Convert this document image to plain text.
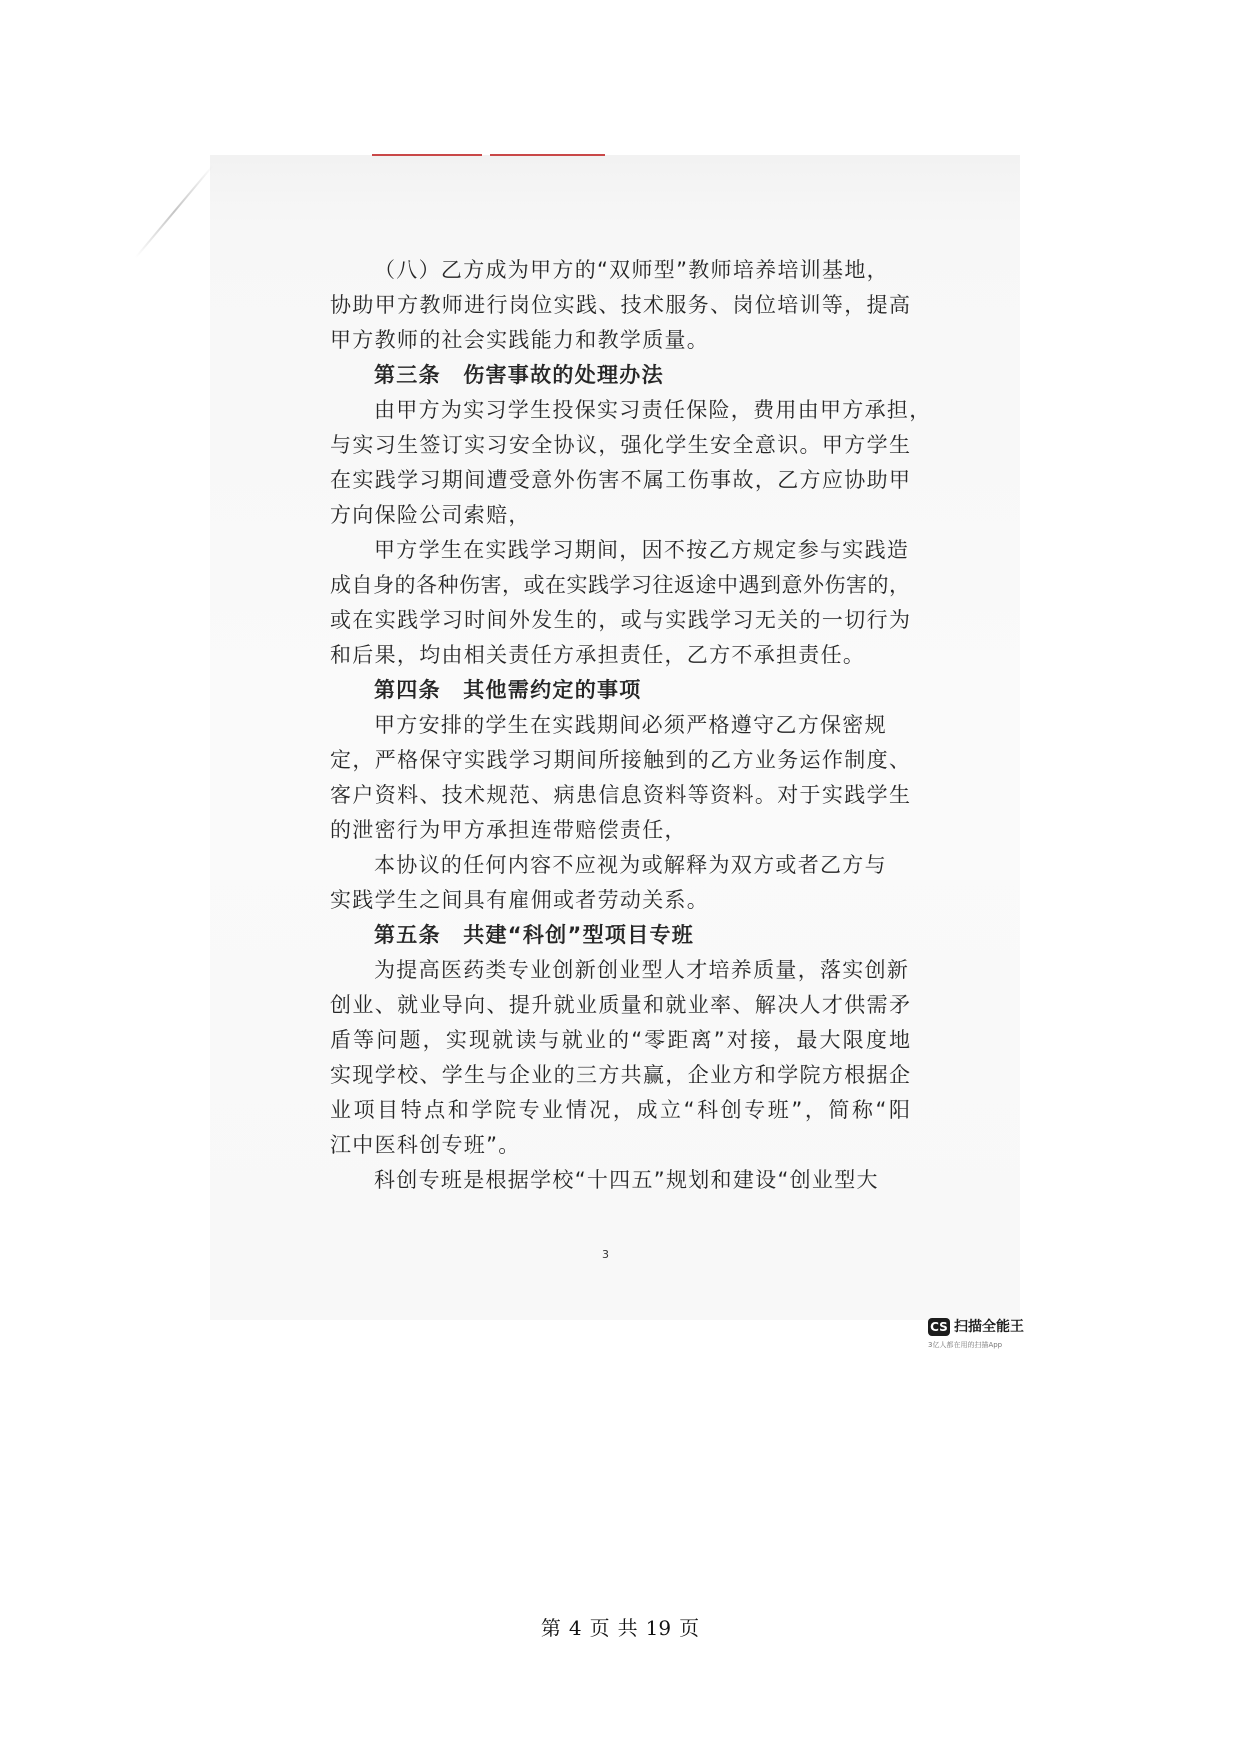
（八）乙方成为甲方的“双师型”教师培养培训基地，
协助甲方教师进行岗位实践、技术服务、岗位培训等，提高
甲方教师的社会实践能力和教学质量。
第三条　伤害事故的处理办法
由甲方为实习学生投保实习责任保险，费用由甲方承担，
与实习生签订实习安全协议，强化学生安全意识。甲方学生
在实践学习期间遭受意外伤害不属工伤事故，乙方应协助甲
方向保险公司索赔，
甲方学生在实践学习期间，因不按乙方规定参与实践造
成自身的各种伤害，或在实践学习往返途中遇到意外伤害的，
或在实践学习时间外发生的，或与实践学习无关的一切行为
和后果，均由相关责任方承担责任，乙方不承担责任。
第四条　其他需约定的事项
甲方安排的学生在实践期间必须严格遵守乙方保密规
定，严格保守实践学习期间所接触到的乙方业务运作制度、
客户资料、技术规范、病患信息资料等资料。对于实践学生
的泄密行为甲方承担连带赔偿责任，
本协议的任何内容不应视为或解释为双方或者乙方与
实践学生之间具有雇佣或者劳动关系。
第五条　共建“科创”型项目专班
为提高医药类专业创新创业型人才培养质量，落实创新
创业、就业导向、提升就业质量和就业率、解决人才供需矛
盾等问题，实现就读与就业的“零距离”对接，最大限度地
实现学校、学生与企业的三方共赢，企业方和学院方根据企
业项目特点和学院专业情况，成立“科创专班”，简称“阳
江中医科创专班”。
科创专班是根据学校“十四五”规划和建设“创业型大
3
CS 扫描全能王
3亿人都在用的扫描App
第 4 页 共 19 页
